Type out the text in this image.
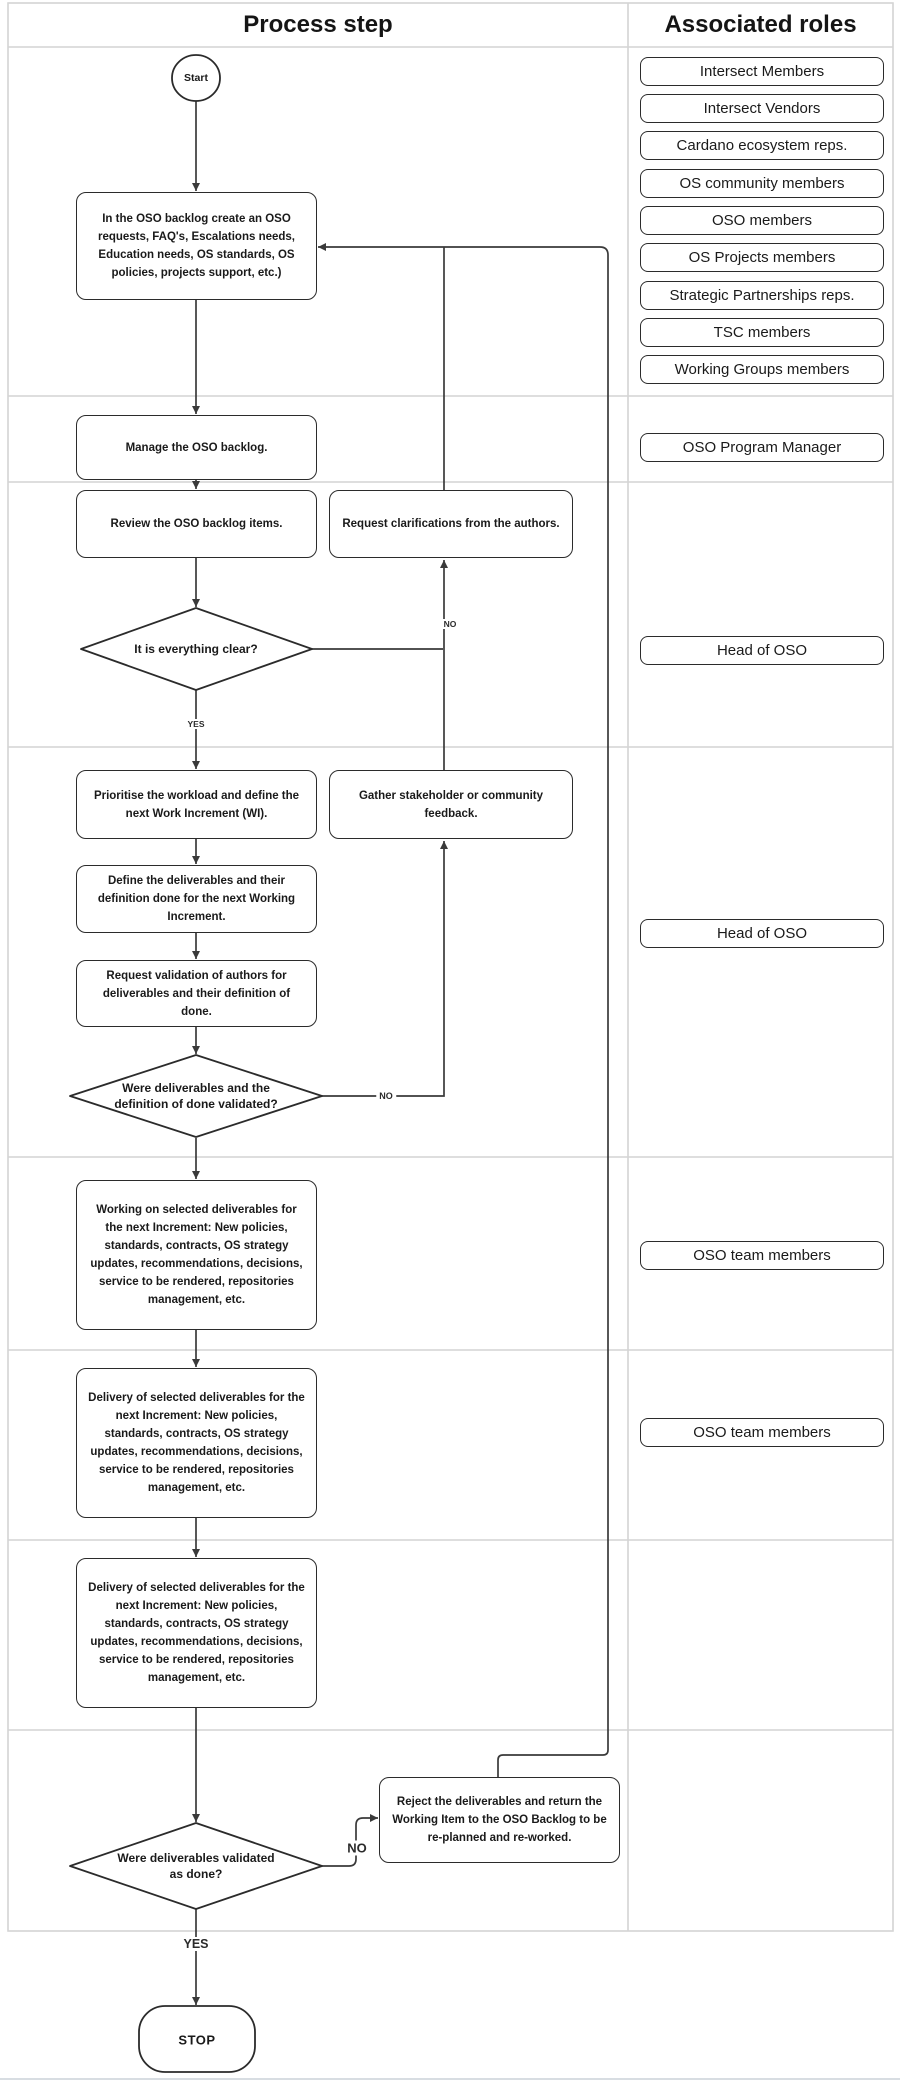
Process step	Associated roles
Start
STOP
In the OSO backlog create an OSO requests, FAQ's, Escalations needs, Education needs, OS standards, OS policies, projects support, etc.)
Manage the OSO backlog.
Review the OSO backlog items.	Request clarifications from the authors.
Prioritise the workload and define the next Work Increment (WI).
Gather stakeholder or community feedback.
Define the deliverables and their definition done for the next Working Increment.
Request validation of authors for deliverables and their definition of done.
Working on selected deliverables for the next Increment: New policies, standards, contracts, OS strategy updates, recommendations, decisions, service to be rendered, repositories management, etc.
Delivery of selected deliverables for the next Increment: New policies, standards, contracts, OS strategy updates, recommendations, decisions, service to be rendered, repositories management, etc.
Delivery of selected deliverables for the next Increment: New policies, standards, contracts, OS strategy updates, recommendations, decisions, service to be rendered, repositories management, etc.
Reject the deliverables and return the Working Item to the OSO Backlog to be re-planned and re-worked.
It is everything clear?
Were deliverables and the definition of done validated?
Were deliverables validated as done?
YES
NO
NO
NO
YES
Intersect Members
Intersect Vendors
Cardano ecosystem reps.
OS community members
OSO members
OS Projects members
Strategic Partnerships reps.
TSC members
Working Groups members
OSO Program Manager
Head of OSO
Head of OSO
OSO team members
OSO team members
